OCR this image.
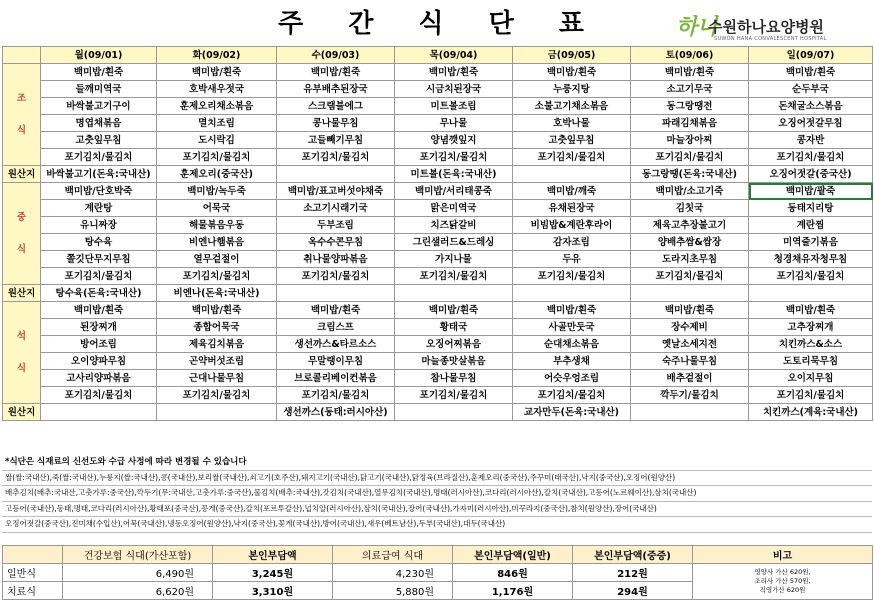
주 간 식 단 표	하나
수원하나요양병원
SUWON HANA CONVALESCENT HOSPITAL
	월(09/01)	화(09/02)	수(09/03)	목(09/04)	금(09/05)	토(09/06)	일(09/07)
조

식	백미밥/흰죽	백미밥/흰죽	백미밥/흰죽	백미밥/흰죽	백미밥/흰죽	백미밥/흰죽	백미밥/흰죽
	들깨미역국	호박새우젓국	유부배추된장국	시금치된장국	누룽지탕	소고기무국	순두부국
	바싹불고기구이	훈제오리채소볶음	스크램블에그	미트볼조림	소불고기채소볶음	동그랑땡전	돈채굴소스볶음
	명엽채볶음	멸치조림	콩나물무침	무나물	호박나물	파래김채볶음	오징어젓갈무침
	고춧잎무침	도시락김	고들빼기무침	양념깻잎지	고춧잎무침	마늘장아찌	콩자반
	포기김치/물김치	포기김치/물김치	포기김치/물김치	포기김치/물김치	포기김치/물김치	포기김치/물김치	포기김치/물김치
원산지	바싹불고기(돈육:국내산)	훈제오리(중국산)		미트볼(돈육:국내산)		동그랑땡(돈육:국내산)	오징어젓갈(중국산)
중

식	백미밥/단호박죽	백미밥/녹두죽	백미밥/표고버섯야채죽	백미밥/서리태콩죽	백미밥/깨죽	백미밥/소고기죽	백미밥/팥죽
	계란탕	어묵국	소고기시래기국	맑은미역국	유채된장국	김칫국	동태지리탕
	유니짜장	해물볶음우동	두부조림	치즈닭갈비	비빔밥&계란후라이	제육고추장불고기	계란찜
	탕수육	비엔나햄볶음	옥수수콘무침	그린샐러드&드레싱	감자조림	양배추쌈&쌈장	미역줄기볶음
	쫄깃단무지무침	열무겉절이	취나물양파볶음	가지나물	두유	도라지초무침	청경채유자청무침
	포기김치/물김치	포기김치/물김치	포기김치/물김치	포기김치/물김치	포기김치/물김치	포기김치/물김치	포기김치/물김치
원산지	탕수육(돈육:국내산)	비엔나(돈육:국내산)					
석

식	백미밥/흰죽	백미밥/흰죽	백미밥/흰죽	백미밥/흰죽	백미밥/흰죽	백미밥/흰죽	백미밥/흰죽
	된장찌개	종합어묵국	크림스프	황태국	사골만둣국	장수제비	고추장찌개
	방어조림	제육김치볶음	생선까스&타르소스	오징어찌볶음	순대채소볶음	옛날소세지전	치킨까스&소스
	오이양파무침	곤약버섯조림	무말랭이무침	마늘종맛살볶음	부추생채	숙주나물무침	도토리묵무침
	고사리양파볶음	근대나물무침	브로콜리베이컨볶음	참나물무침	어슷우엉조림	배추겉절이	오이지무침
	포기김치/물김치	포기김치/물김치	포기김치/물김치	포기김치/물김치	포기김치/물김치	깍두기/물김치	포기김치/물김치
원산지			생선까스(동태:러시아산)		교자만두(돈육:국내산)		치킨까스(계육:국내산)
*식단은 식재료의 신선도와 수급 사정에 따라 변경될 수 있습니다
쌀(쌀:국내산),죽(쌀:국내산),누룽지(쌀:국내산),콩(국내산),보리쌀(국내산),쇠고기(호주산),돼지고기(국내산),닭고기(국내산),닭정육(브라질산),훈제오리(중국산),주꾸미(태국산),낙지(중국산),오징어(원양산)
배추김치(배추:국내산,고춧가루:중국산),깍두기(무:국내산,고춧가루:중국산),물김치(배추:국내산),갓김치(국내산),열무김치(국내산),명태(러시아산),코다리(러시아산),갈치(국내산),고등어(노르웨이산),삼치(국내산)
고등어(국내산),동태,명태,코다리(러시아산),황태포(중국산),꽁게(중국산),갈치(포르투갈산),넙치알(러시아산),삼치(국내산),장어(국내산),가자미(러시아산),미꾸라지(중국산),참치(원양산),장어(국내산)
오징어젓갈(중국산),진미채(수입산),어묵(국내산),냉동오징어(원양산),낙지(중국산),꽃게(국내산),방어(국내산),새우(베트남산),두부(국내산),대두(국내산)
	건강보험 식대(가산포함)	본인부담액	의료급여 식대	본인부담액(일반)	본인부담액(중증)	비고
일반식	6,490원	3,245원	4,230원	846원	212원	영양사 가산 620원,
조리사 가산 570원,
직영가산 620원
치료식	6,620원	3,310원	5,880원	1,176원	294원	
